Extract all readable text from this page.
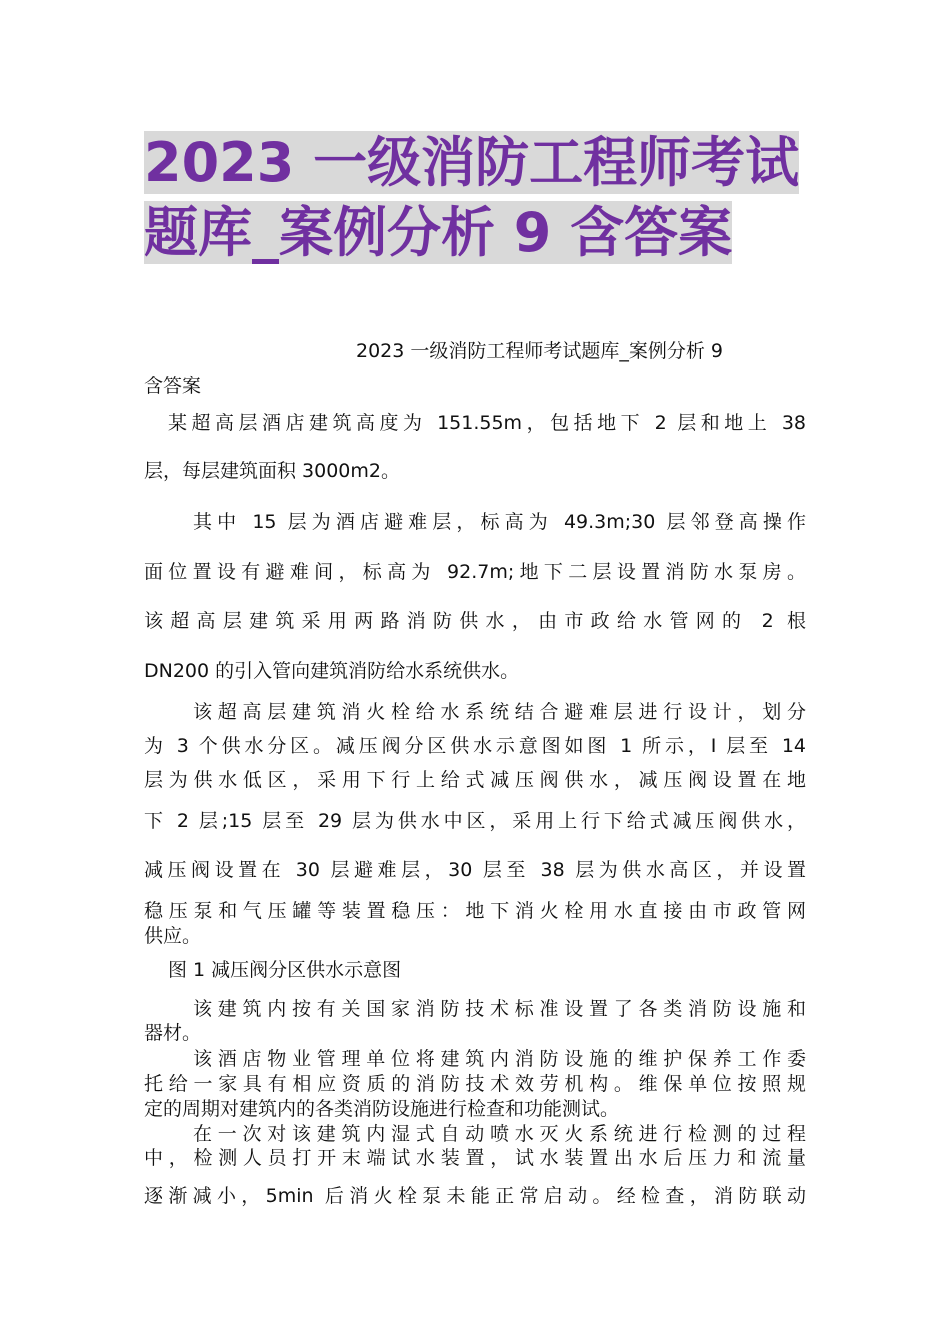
2023 一级消防工程师考试
题库_案例分析 9 含答案
2023 一级消防工程师考试题库_案例分析 9
含答案
某超高层酒店建筑高度为 151.55m，包括地下 2 层和地上 38
层，每层建筑面积 3000m2。
其中 15 层为酒店避难层，标高为 49.3m;30 层邻登高操作
面位置设有避难间，标高为 92.7m;地下二层设置消防水泵房。
该超高层建筑采用两路消防供水，由市政给水管网的 2 根
DN200 的引入管向建筑消防给水系统供水。
该超高层建筑消火栓给水系统结合避难层进行设计，划分
为 3 个供水分区。减压阀分区供水示意图如图 1 所示，I 层至 14
层为供水低区，采用下行上给式减压阀供水，减压阀设置在地
下 2 层;15 层至 29 层为供水中区，采用上行下给式减压阀供水，
减压阀设置在 30 层避难层，30 层至 38 层为供水高区，并设置
稳压泵和气压罐等装置稳压：地下消火栓用水直接由市政管网
供应。
图 1 减压阀分区供水示意图
该建筑内按有关国家消防技术标准设置了各类消防设施和
器材。
该酒店物业管理单位将建筑内消防设施的维护保养工作委
托给一家具有相应资质的消防技术效劳机构。维保单位按照规
定的周期对建筑内的各类消防设施进行检查和功能测试。
在一次对该建筑内湿式自动喷水灭火系统进行检测的过程
中，检测人员打开末端试水装置，试水装置出水后压力和流量
逐渐减小，5min 后消火栓泵未能正常启动。经检查，消防联动
